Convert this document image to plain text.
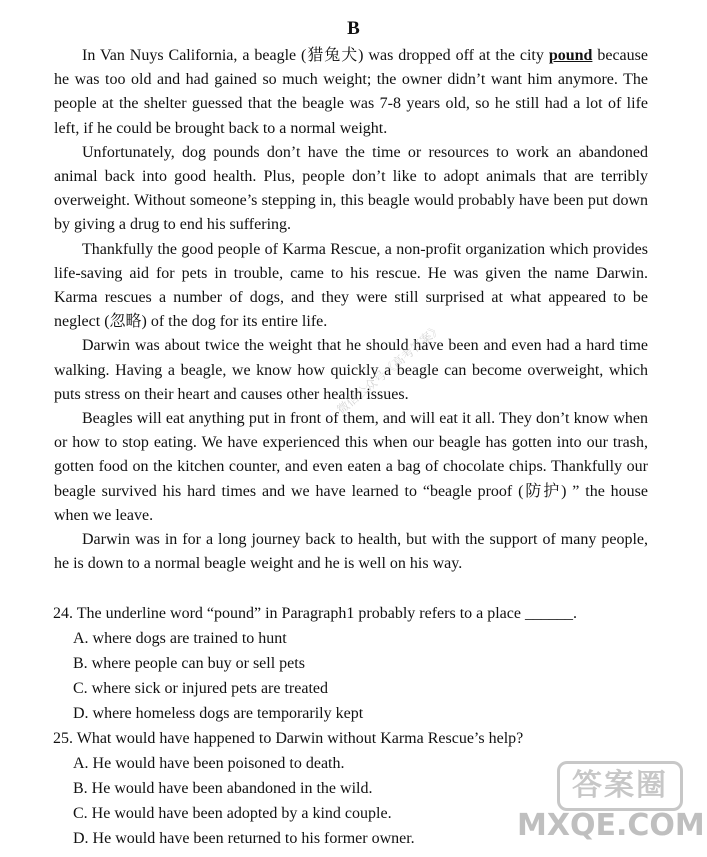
B

In Van Nuys California, a beagle (猎兔犬) was dropped off at the city pound because he was too old and had gained so much weight; the owner didn’t want him anymore. The people at the shelter guessed that the beagle was 7-8 years old, so he still had a lot of life left, if he could be brought back to a normal weight.

Unfortunately, dog pounds don’t have the time or resources to work an abandoned animal back into good health. Plus, people don’t like to adopt animals that are terribly overweight. Without someone’s stepping in, this beagle would probably have been put down by giving a drug to end his suffering.

Thankfully the good people of Karma Rescue, a non-profit organization which provides life-saving aid for pets in trouble, came to his rescue. He was given the name Darwin. Karma rescues a number of dogs, and they were still surprised at what appeared to be neglect (忽略) of the dog for its entire life.

Darwin was about twice the weight that he should have been and even had a hard time walking. Having a beagle, we know how quickly a beagle can become overweight, which puts stress on their heart and causes other health issues.

Beagles will eat anything put in front of them, and will eat it all. They don’t know when or how to stop eating. We have experienced this when our beagle has gotten into our trash, gotten food on the kitchen counter, and even eaten a bag of chocolate chips. Thankfully our beagle survived his hard times and we have learned to “beagle proof (防护) ” the house when we leave.

Darwin was in for a long journey back to health, but with the support of many people, he is down to a normal beagle weight and he is well on his way.

24. The underline word “pound” in Paragraph1 probably refers to a place ______.
A. where dogs are trained to hunt
B. where people can buy or sell pets
C. where sick or injured pets are treated
D. where homeless dogs are temporarily kept
25. What would have happened to Darwin without Karma Rescue’s help?
A. He would have been poisoned to death.
B. He would have been abandoned in the wild.
C. He would have been adopted by a kind couple.
D. He would have been returned to his former owner.
微信公众号《高考答案》
答案圈
MXQE.COM
